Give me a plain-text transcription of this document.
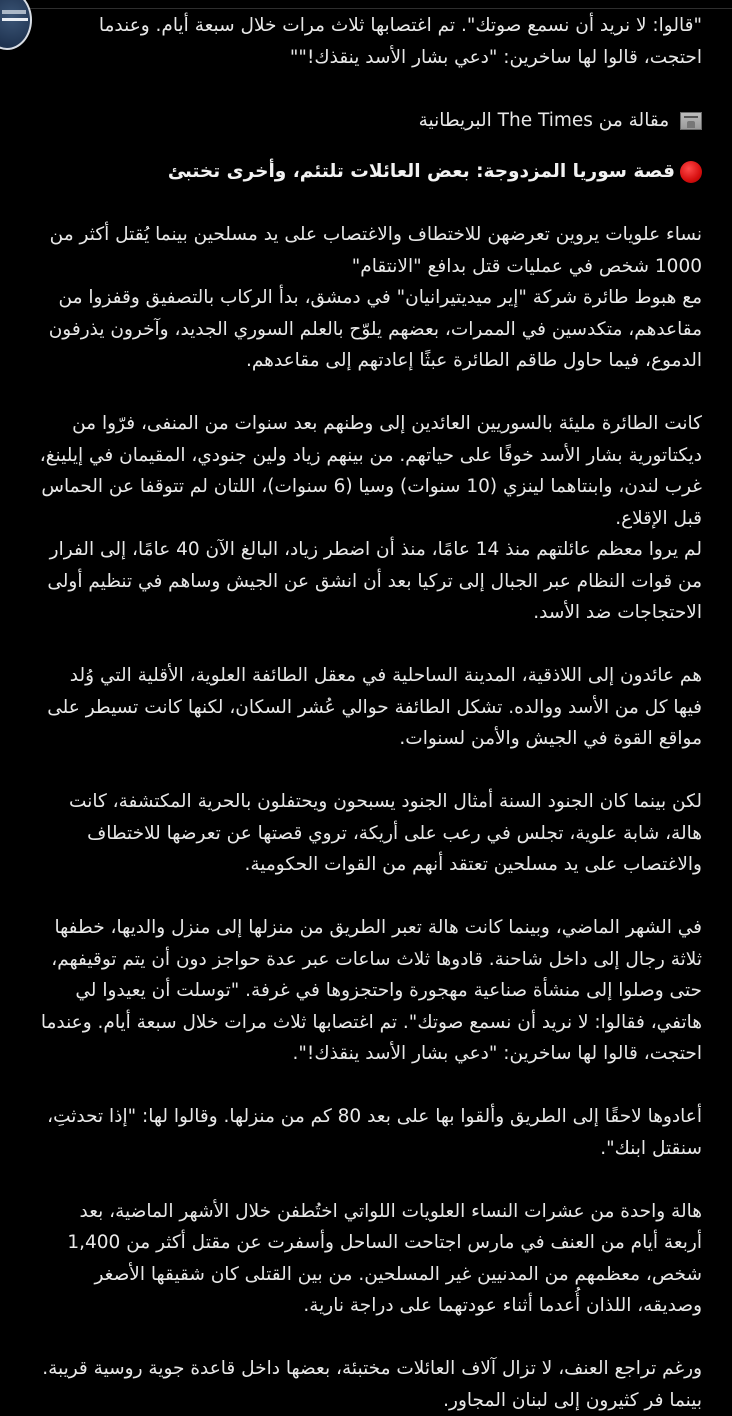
"قالوا: لا نريد أن نسمع صوتك". تم اغتصابها ثلاث مرات خلال سبعة أيام. وعندما احتجت، قالوا لها ساخرين: "دعي بشار الأسد ينقذك!""

مقالة من The Times البريطانية

قصة سوريا المزدوجة: بعض العائلات تلتئم، وأخرى تختبئ

نساء علويات يروين تعرضهن للاختطاف والاغتصاب على يد مسلحين بينما يُقتل أكثر من 1000 شخص في عمليات قتل بدافع "الانتقام"

مع هبوط طائرة شركة "إير ميديتيرانيان" في دمشق، بدأ الركاب بالتصفيق وقفزوا من مقاعدهم، متكدسين في الممرات، بعضهم يلوّح بالعلم السوري الجديد، وآخرون يذرفون الدموع، فيما حاول طاقم الطائرة عبثًا إعادتهم إلى مقاعدهم.

كانت الطائرة مليئة بالسوريين العائدين إلى وطنهم بعد سنوات من المنفى، فرّوا من ديكتاتورية بشار الأسد خوفًا على حياتهم. من بينهم زياد ولين جنودي، المقيمان في إيلينغ، غرب لندن، وابنتاهما لينزي (10 سنوات) وسيا (6 سنوات)، اللتان لم تتوقفا عن الحماس قبل الإقلاع.

لم يروا معظم عائلتهم منذ 14 عامًا، منذ أن اضطر زياد، البالغ الآن 40 عامًا، إلى الفرار من قوات النظام عبر الجبال إلى تركيا بعد أن انشق عن الجيش وساهم في تنظيم أولى الاحتجاجات ضد الأسد.

هم عائدون إلى اللاذقية، المدينة الساحلية في معقل الطائفة العلوية، الأقلية التي وُلد فيها كل من الأسد ووالده. تشكل الطائفة حوالي عُشر السكان، لكنها كانت تسيطر على مواقع القوة في الجيش والأمن لسنوات.

لكن بينما كان الجنود السنة أمثال الجنود يسبحون ويحتفلون بالحرية المكتشفة، كانت هالة، شابة علوية، تجلس في رعب على أريكة، تروي قصتها عن تعرضها للاختطاف والاغتصاب على يد مسلحين تعتقد أنهم من القوات الحكومية.

في الشهر الماضي، وبينما كانت هالة تعبر الطريق من منزلها إلى منزل والديها، خطفها ثلاثة رجال إلى داخل شاحنة. قادوها ثلاث ساعات عبر عدة حواجز دون أن يتم توقيفهم، حتى وصلوا إلى منشأة صناعية مهجورة واحتجزوها في غرفة. "توسلت أن يعيدوا لي هاتفي، فقالوا: لا نريد أن نسمع صوتك". تم اغتصابها ثلاث مرات خلال سبعة أيام. وعندما احتجت، قالوا لها ساخرين: "دعي بشار الأسد ينقذك!".

أعادوها لاحقًا إلى الطريق وألقوا بها على بعد 80 كم من منزلها. وقالوا لها: "إذا تحدثتِ، سنقتل ابنك".

هالة واحدة من عشرات النساء العلويات اللواتي اختُطفن خلال الأشهر الماضية، بعد أربعة أيام من العنف في مارس اجتاحت الساحل وأسفرت عن مقتل أكثر من 1,400 شخص، معظمهم من المدنيين غير المسلحين. من بين القتلى كان شقيقها الأصغر وصديقه، اللذان أُعدما أثناء عودتهما على دراجة نارية.

ورغم تراجع العنف، لا تزال آلاف العائلات مختبئة، بعضها داخل قاعدة جوية روسية قريبة. بينما فر كثيرون إلى لبنان المجاور.
